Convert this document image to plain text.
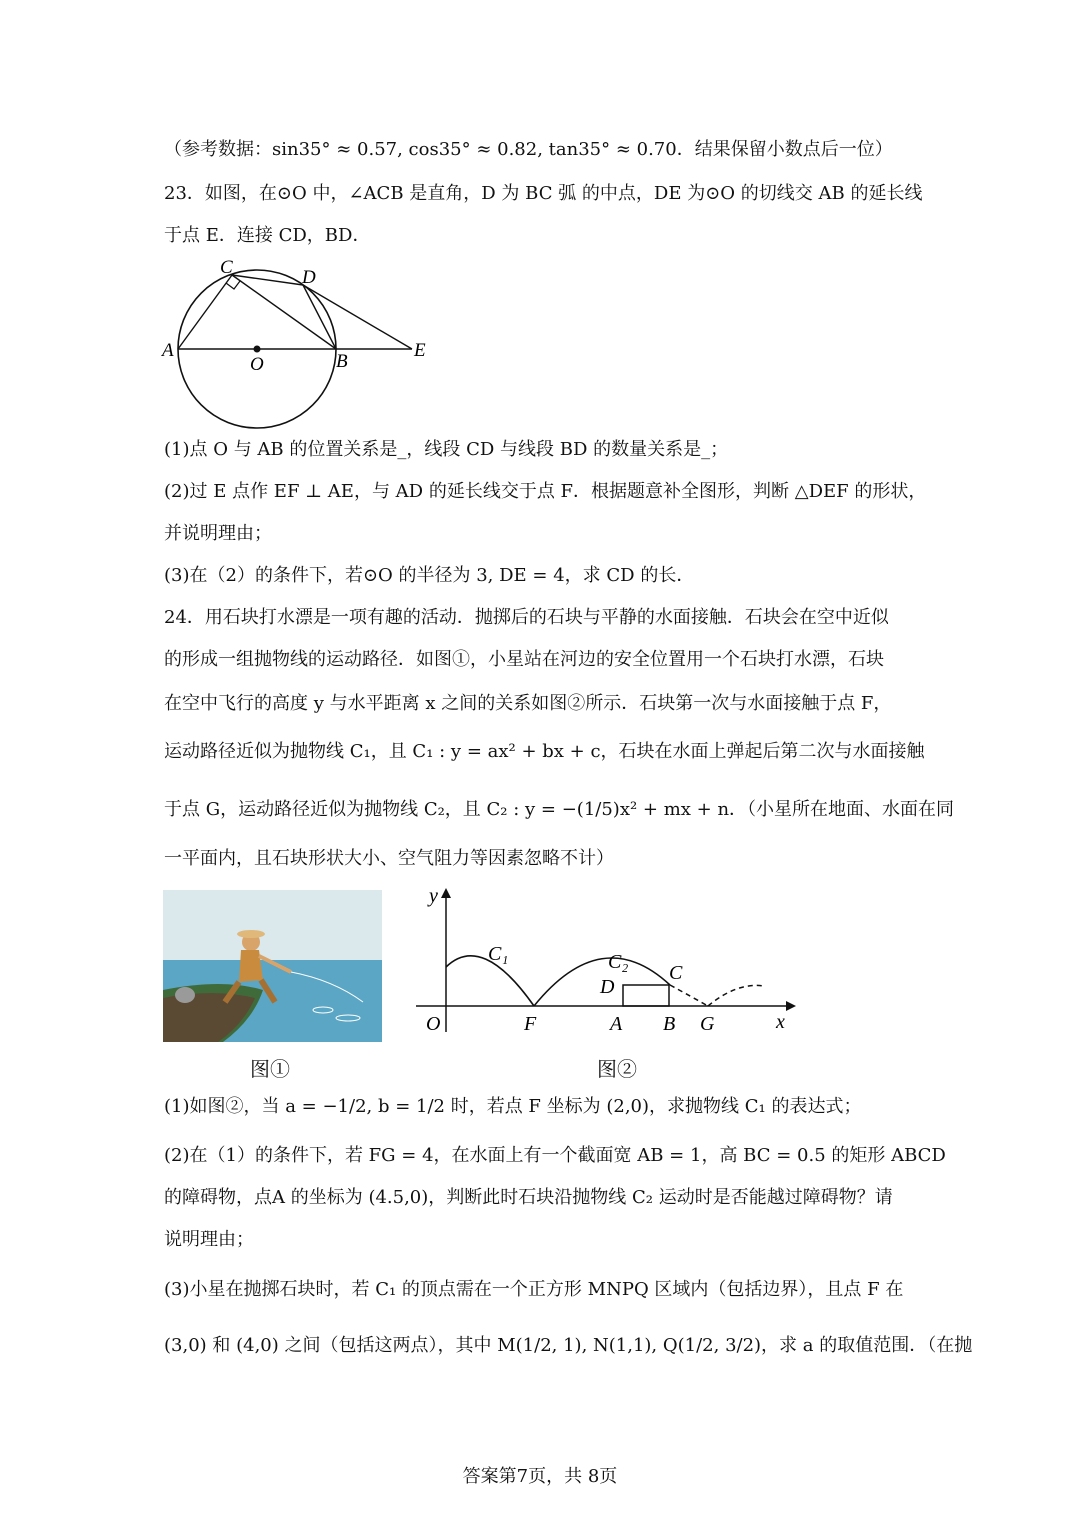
（参考数据：sin35° ≈ 0.57, cos35° ≈ 0.82, tan35° ≈ 0.70．结果保留小数点后一位）
23．如图，在⊙O 中，∠ACB 是直角，D 为 BC 弧 的中点，DE 为⊙O 的切线交 AB 的延长线
于点 E．连接 CD，BD．
C	D
A
O	B
E
(1)点 O 与 AB 的位置关系是_，线段 CD 与线段 BD 的数量关系是_；
(2)过 E 点作 EF ⊥ AE，与 AD 的延长线交于点 F．根据题意补全图形，判断 △DEF 的形状，
并说明理由；
(3)在（2）的条件下，若⊙O 的半径为 3, DE = 4，求 CD 的长．
24．用石块打水漂是一项有趣的活动．抛掷后的石块与平静的水面接触．石块会在空中近似
的形成一组抛物线的运动路径．如图①，小星站在河边的安全位置用一个石块打水漂，石块
在空中飞行的高度 y 与水平距离 x 之间的关系如图②所示．石块第一次与水面接触于点 F，
运动路径近似为抛物线 C₁，且 C₁ : y = ax² + bx + c，石块在水面上弹起后第二次与水面接触
于点 G，运动路径近似为抛物线 C₂，且 C₂ : y = −(1/5)x² + mx + n．（小星所在地面、水面在同
一平面内，且石块形状大小、空气阻力等因素忽略不计）
图①
y
x
O	F	A B G
C₁	C₂ C
D
图②
(1)如图②，当 a = −1/2, b = 1/2 时，若点 F 坐标为 (2,0)，求抛物线 C₁ 的表达式；
(2)在（1）的条件下，若 FG = 4，在水面上有一个截面宽 AB = 1，高 BC = 0.5 的矩形 ABCD
的障碍物，点A 的坐标为 (4.5,0)，判断此时石块沿抛物线 C₂ 运动时是否能越过障碍物？请
说明理由；
(3)小星在抛掷石块时，若 C₁ 的顶点需在一个正方形 MNPQ 区域内（包括边界），且点 F 在
(3,0) 和 (4,0) 之间（包括这两点），其中 M(1/2, 1), N(1,1), Q(1/2, 3/2)，求 a 的取值范围．（在抛
答案第7页，共 8页
